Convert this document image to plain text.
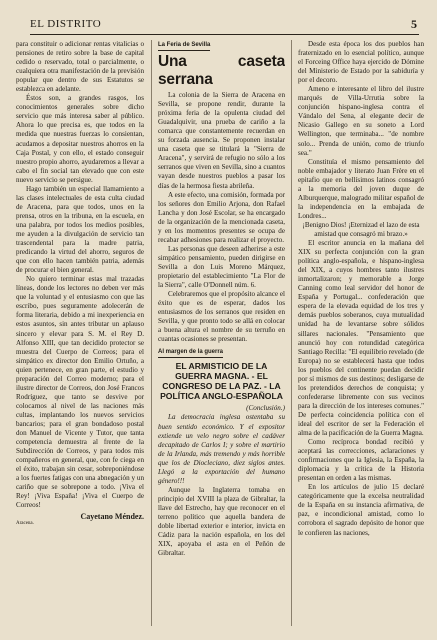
EL DISTRITO	5

para constituir o adicionar rentas vitalicias o pensiones de retiro sobre la base de capital cedido o reservado, total o parcialmente, o cualquiera otra manifestación de la previsión popular que dentro de sus Estatutos se establezca en adelante.

Éstos son, a grandes rasgos, los conocimientos generales sobre dicho servicio que más interesa saber al público. Ahora lo que precisa es, que todos en la medida que nuestras fuerzas lo consientan, acudamos a depositar nuestros ahorros en la Caja Postal, y con ello, el estado conseguir nuestro propio ahorro, ayudaremos a llevar a cabo el fin social tan elevado que con este nuevo servicio se persigue.

Hago también un especial llamamiento a las clases intelectuales de esta culta ciudad de Aracena, para que todos, unos en la prensa, otros en la tribuna, en la escuela, en una palabra, por todos los medios posibles, me ayuden a la divulgación de servicio tan trascendental para la madre patria, predicando la virtud del ahorro, seguros de que con ello hacen también patria, además de procurar el bien general.

No quiero terminar estas mal trazadas líneas, donde los lectores no deben ver más que la voluntad y el entusiasmo con que las escribo, pues seguramente adolecerán de forma literaria, debido a mi inexperiencia en estos asuntos, sin antes tributar un aplauso sincero y elevar para S. M. el Rey D. Alfonso XIII, que tan decidido protector se muestra del Cuerpo de Correos; para el simpático ex director don Emilio Ortuño, a quien pertenece, en gran parte, el estudio y preparación del Correo moderno; para el ilustre director de Correos, don José Francos Rodríguez, que tanto se desvive por colocarnos al nivel de las naciones más cultas, implantando los nuevos servicios bancarios; para el gran bondadoso postal don Manuel de Vicente y Tutor, que tanta competencia demuestra al frente de la Subdirección de Correos, y para todos mis compañeros en general, que, con fe ciega en el éxito, trabajan sin cesar, sobreponiéndose a los fuertes fatigas con una abnegación y un cariño que se sobrepone a todo. ¡Viva el Rey! ¡Viva España! ¡Viva el Cuerpo de Correos!

Cayetano Méndez.

Aracena.

La Feria de Sevilla
Una caseta serrana

La colonia de la Sierra de Aracena en Sevilla, se propone rendir, durante la próxima feria de la opulenta ciudad del Guadalquivir, una prueba de cariño a la comarca que constantemente recuerdan en su forzada ausencia. Se proponen instalar una caseta que se titulará la "Sierra de Aracena", y servirá de refugio no sólo a los serranos que viven en Sevilla, sino a cuantos vayan desde nuestros pueblos a pasar los días de la hermosa fiesta abrileña.

A este efecto, una comisión, formada por los señores don Emilio Arjona, don Rafael Lancha y don José Escolar, se ha encargado de la organización de la mencionada caseta, y en los momentos presentes se ocupa de recabar adhesiones para realizar el proyecto.

Las personas que deseen adherirse a este simpático pensamiento, pueden dirigirse en Sevilla a don Luis Moreno Márquez, propietario del establecimiento "La Flor de la Sierra", calle O'Donnell núm. 6.

Celebraremos que el propósito alcance el éxito que es de esperar, dados los entusiasmos de los serranos que residen en Sevilla, y que pronto todo se allá en colocar a buena altura el nombre de su terruño en cuantas ocasiones se presentan.

Al margen de la guerra
EL ARMISTICIO DE LA GUERRA MAGNA. - EL CONGRESO DE LA PAZ. - LA POLÍTICA ANGLO-ESPAÑOLA

(Conclusión.)

La democracia inglesa ostentaba su buen sentido económico. Y el expositor extiende un velo negro sobre el cadáver decapitado de Carlos I; y sobre el martirio de la Irlanda, más tremendo y más horrible que los de Diocleciano, diez siglos antes. Llegó a la exportación del humano género!!!

Aunque la Inglaterra tomaba en principio del XVIII la plaza de Gibraltar, la llave del Estrecho, hay que reconocer en el terreno político que aquella bandera de doble libertad exterior e interior, invicta en Cádiz para la nación española, en los del XIX, apoyaba el asta en el Peñón de Gibraltar.

Desde esta época los dos pueblos han fraternizado en lo esencial político, aunque el Forceing Office haya ejercido de Dómine del Ministerio de Estado por la sabiduría y por el decoro.

Ameno e interesante el libro del ilustre marqués de Villa-Urrutia sobre la conjunción hispano-inglesa contra el Vándalo del Sena, al elegante decir de Nicasio Gallego en su soneto a Lord Wellington, que terminaba... "de nombre solo... Prenda de unión, como de triunfo sea."

Constituía el mismo pensamiento del noble embajador y literato Juan Frère en el epitafio que en bellísimos latinos consagró a la memoria del joven duque de Alburquerque, malogrado militar español de la independencia en la embajada de Londres...

¡Benigno Dios! ¡Eternizad el lazo de esta amistad que consagró mi brazo.»

El escritor anuncia en la mañana del XIX su perfecta conjunción con la gran política anglo-española, e hispano-inglesa del XIX, a cuyos hombres tanto ilustres inmortalizaron; y memorable a Jorge Canning como leal servidor del honor de España y Portugal... confederación que espera de la elevada equidad de los tres y demás pueblos soberanos, cuya mutualidad unidad ha de levantarse sobre sólidos sillares nacionales. "Pensamiento que anunció hoy con rotundidad categórica Santiago Recilla: "El equilibrio revelado (de Europa) no se establecerá hasta que todos los pueblos del continente puedan decidir por sí mismos de sus destinos; desligarse de los pretendidos derechos de conquista; y confederarse libremente con sus vecinos para la dirección de los intereses comunes." De perfecta coincidencia política con el ideal del escritor de ser la Federación el alma de la pacificación de la Guerra Magna.

Como recíproca bondad recibió y aceptará las correcciones, aclaraciones y confirmaciones que la Iglesia, la España, la diplomacia y la crítica de la Historia presentan en orden a las mismas.

En los artículos de julio 15 declaré categóricamente que la excelsa neutralidad de la España en su instancia afirmativa, de paz, e incondicional amistad, como lo corrobora el sagrado depósito de honor que le confieren las naciones,
